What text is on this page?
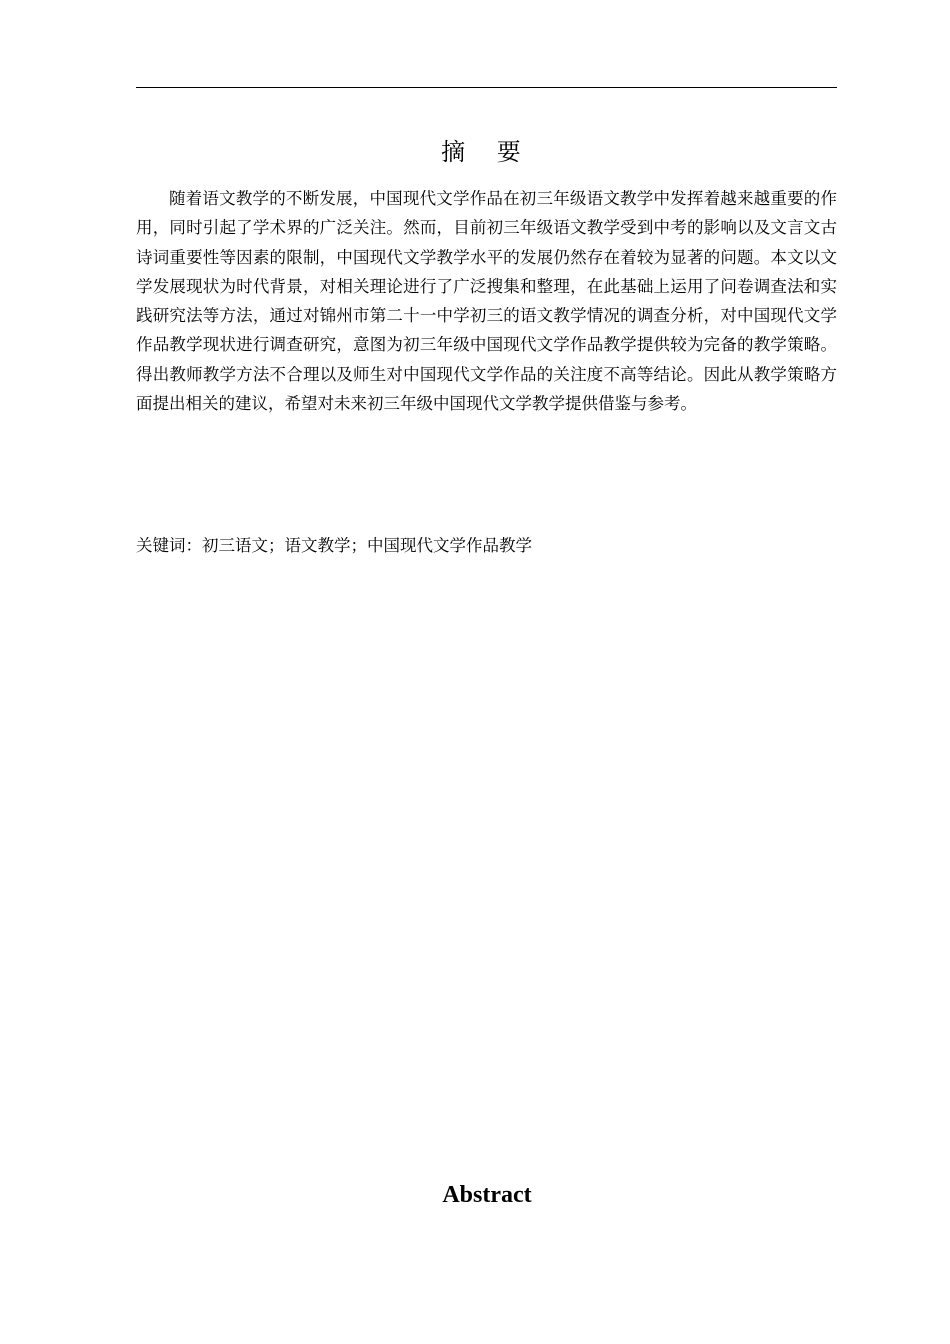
摘 要

随着语文教学的不断发展，中国现代文学作品在初三年级语文教学中发挥着越来越重要的作用，同时引起了学术界的广泛关注。然而，目前初三年级语文教学受到中考的影响以及文言文古诗词重要性等因素的限制，中国现代文学教学水平的发展仍然存在着较为显著的问题。本文以文学发展现状为时代背景，对相关理论进行了广泛搜集和整理，在此基础上运用了问卷调查法和实践研究法等方法，通过对锦州市第二十一中学初三的语文教学情况的调查分析，对中国现代文学作品教学现状进行调查研究，意图为初三年级中国现代文学作品教学提供较为完备的教学策略。得出教师教学方法不合理以及师生对中国现代文学作品的关注度不高等结论。因此从教学策略方面提出相关的建议，希望对未来初三年级中国现代文学教学提供借鉴与参考。

关键词：初三语文；语文教学；中国现代文学作品教学
Abstract
